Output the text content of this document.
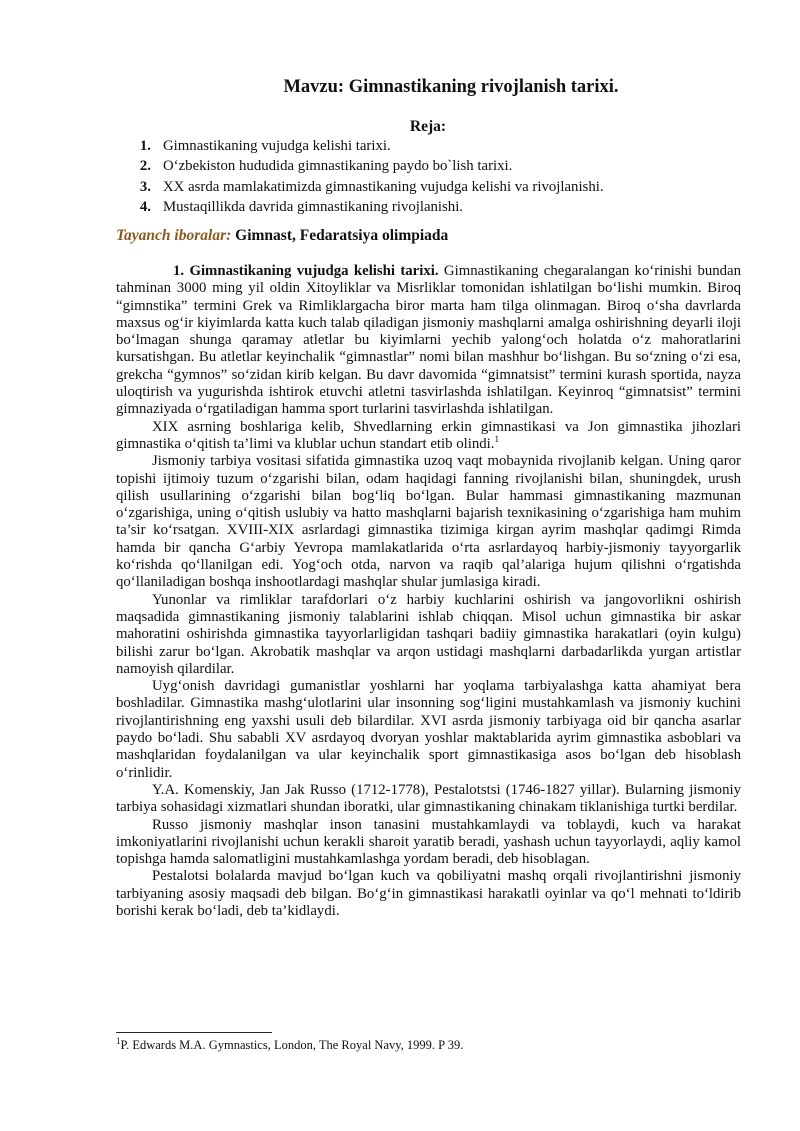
Mavzu: Gimnastikaning rivojlanish tarixi.
Reja:
1. Gimnastikaning vujudga kelishi tarixi.
2. O‘zbekiston hududida gimnastikaning paydo bo`lish tarixi.
3. XX asrda mamlakatimizda gimnastikaning vujudga kelishi va rivojlanishi.
4. Mustaqillikda davrida gimnastikaning rivojlanishi.
Tayanch iboralar: Gimnast, Fedaratsiya olimpiada

1. Gimnastikaning vujudga kelishi tarixi. Gimnastikaning chegaralangan ko‘rinishi bundan tahminan 3000 ming yil oldin Xitoyliklar va Misrliklar tomonidan ishlatilgan bo‘lishi mumkin. Biroq “gimnstika” termini Grek va Rimliklargacha biror marta ham tilga olinmagan. Biroq o‘sha davrlarda maxsus og‘ir kiyimlarda katta kuch talab qiladigan jismoniy mashqlarni amalga oshirishning deyarli iloji bo‘lmagan shunga qaramay atletlar bu kiyimlarni yechib yalong‘och holatda o‘z mahoratlarini kursatishgan. Bu atletlar keyinchalik “gimnastlar” nomi bilan mashhur bo‘lishgan. Bu so‘zning o‘zi esa, grekcha “gymnos” so‘zidan kirib kelgan. Bu davr davomida “gimnatsist” termini kurash sportida, nayza uloqtirish va yugurishda ishtirok etuvchi atletni tasvirlashda ishlatilgan. Keyinroq “gimnatsist” termini gimnaziyada o‘rgatiladigan hamma sport turlarini tasvirlashda ishlatilgan.

XIX asrning boshlariga kelib, Shvedlarning erkin gimnastikasi va Jon gimnastika jihozlari gimnastika o‘qitish ta’limi va klublar uchun standart etib olindi.$^1$

Jismoniy tarbiya vositasi sifatida gimnastika uzoq vaqt mobaynida rivojlanib kelgan. Uning qaror topishi ijtimoiy tuzum o‘zgarishi bilan, odam haqidagi fanning rivojlanishi bilan, shuningdek, urush qilish usullarining o‘zgarishi bilan bog‘liq bo‘lgan. Bular hammasi gimnastikaning mazmunan o‘zgarishiga, uning o‘qitish uslubiy va hatto mashqlarni bajarish texnikasining o‘zgarishiga ham muhim ta’sir ko‘rsatgan. XVIII-XIX asrlardagi gimnastika tizimiga kirgan ayrim mashqlar qadimgi Rimda hamda bir qancha G‘arbiy Yevropa mamlakatlarida o‘rta asrlardayoq harbiy-jismoniy tayyorgarlik ko‘rishda qo‘llanilgan edi. Yog‘och otda, narvon va raqib qal’alariga hujum qilishni o‘rgatishda qo‘llaniladigan boshqa inshootlardagi mashqlar shular jumlasiga kiradi.

Yunonlar va rimliklar tarafdorlari o‘z harbiy kuchlarini oshirish va jangovorlikni oshirish maqsadida gimnastikaning jismoniy talablarini ishlab chiqqan. Misol uchun gimnastika bir askar mahoratini oshirishda gimnastika tayyorlarligidan tashqari badiiy gimnastika harakatlari (oyin kulgu) bilishi zarur bo‘lgan. Akrobatik mashqlar va arqon ustidagi mashqlarni darbadarlikda yurgan artistlar namoyish qilardilar.

Uyg‘onish davridagi gumanistlar yoshlarni har yoqlama tarbiyalashga katta ahamiyat bera boshladilar. Gimnastika mashg‘ulotlarini ular insonning sog‘ligini mustahkamlash va jismoniy kuchini rivojlantirishning eng yaxshi usuli deb bilardilar. XVI asrda jismoniy tarbiyaga oid bir qancha asarlar paydo bo‘ladi. Shu sababli XV asrdayoq dvoryan yoshlar maktablarida ayrim gimnastika asboblari va mashqlaridan foydalanilgan va ular keyinchalik sport gimnastikasiga asos bo‘lgan deb hisoblash o‘rinlidir.

Y.A. Komenskiy, Jan Jak Russo (1712-1778), Pestalotstsi (1746-1827 yillar). Bularning jismoniy tarbiya sohasidagi xizmatlari shundan iboratki, ular gimnastikaning chinakam tiklanishiga turtki berdilar.

Russo jismoniy mashqlar inson tanasini mustahkamlaydi va toblaydi, kuch va harakat imkoniyatlarini rivojlanishi uchun kerakli sharoit yaratib beradi, yashash uchun tayyorlaydi, aqliy kamol topishga hamda salomatligini mustahkamlashga yordam beradi, deb hisoblagan.

Pestalotsi bolalarda mavjud bo‘lgan kuch va qobiliyatni mashq orqali rivojlantirishni jismoniy tarbiyaning asosiy maqsadi deb bilgan. Bo‘g‘in gimnastikasi harakatli oyinlar va qo‘l mehnati to‘ldirib borishi kerak bo‘ladi, deb ta’kidlaydi.

$^1$P. Edwards M.A. Gymnastics, London, The Royal Navy, 1999. P 39.
